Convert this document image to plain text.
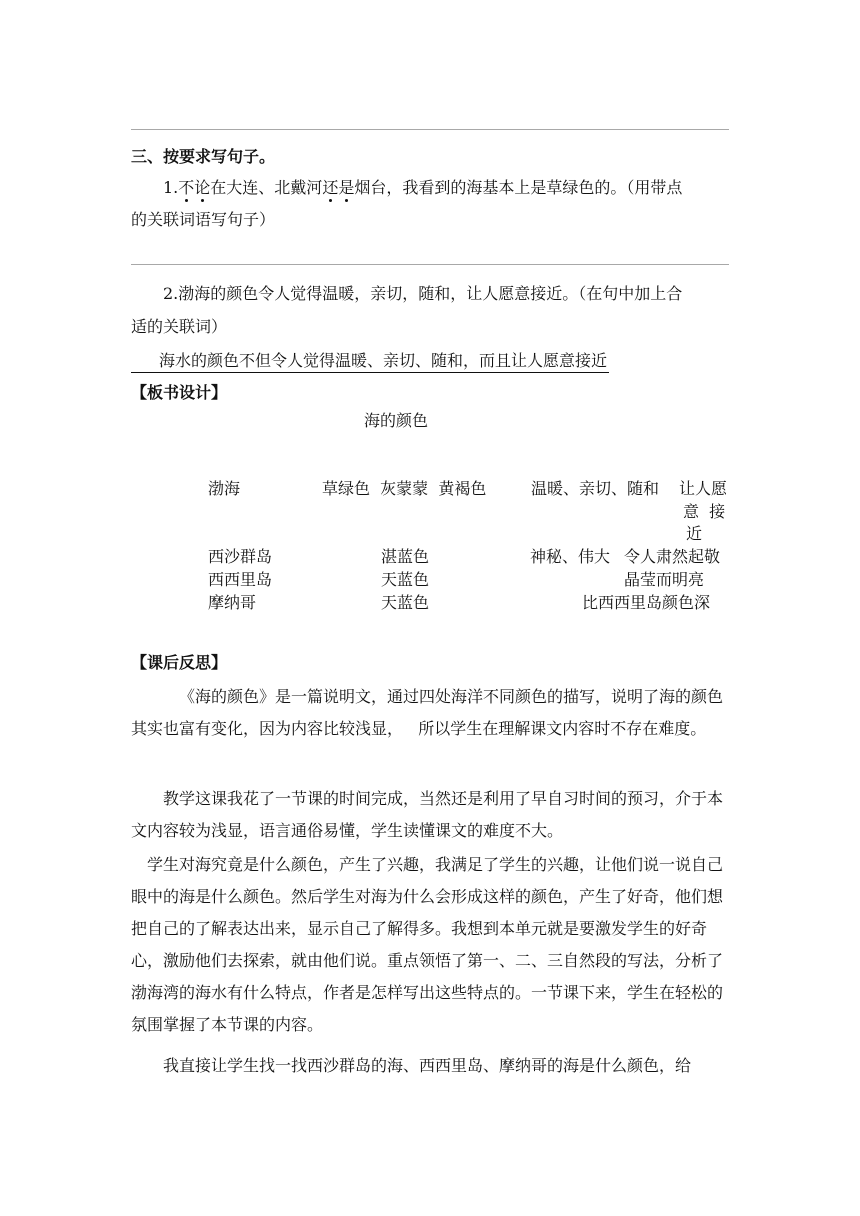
三、按要求写句子。
1.不论在大连、北戴河还是烟台，我看到的海基本上是草绿色的。（用带点
的关联词语写句子）
2.渤海的颜色令人觉得温暖，亲切，随和，让人愿意接近。（在句中加上合
适的关联词）
海水的颜色不但令人觉得温暖、亲切、随和，而且让人愿意接近
【板书设计】
海的颜色
渤海	草绿色  灰蒙蒙  黄褐色	温暖、亲切、随和 让人愿
意  接
近
西沙群岛	湛蓝色	神秘、伟大 令人肃然起敬
西西里岛	天蓝色	晶莹而明亮
摩纳哥	天蓝色	比西西里岛颜色深
【课后反思】
《海的颜色》是一篇说明文，通过四处海洋不同颜色的描写，说明了海的颜色其实也富有变化，因为内容比较浅显，   所以学生在理解课文内容时不存在难度。
教学这课我花了一节课的时间完成，当然还是利用了早自习时间的预习，介于本文内容较为浅显，语言通俗易懂，学生读懂课文的难度不大。
学生对海究竟是什么颜色，产生了兴趣，我满足了学生的兴趣，让他们说一说自己眼中的海是什么颜色。然后学生对海为什么会形成这样的颜色，产生了好奇，他们想把自己的了解表达出来，显示自己了解得多。我想到本单元就是要激发学生的好奇心，激励他们去探索，就由他们说。重点领悟了第一、二、三自然段的写法，分析了渤海湾的海水有什么特点，作者是怎样写出这些特点的。一节课下来，学生在轻松的氛围掌握了本节课的内容。
我直接让学生找一找西沙群岛的海、西西里岛、摩纳哥的海是什么颜色，给
